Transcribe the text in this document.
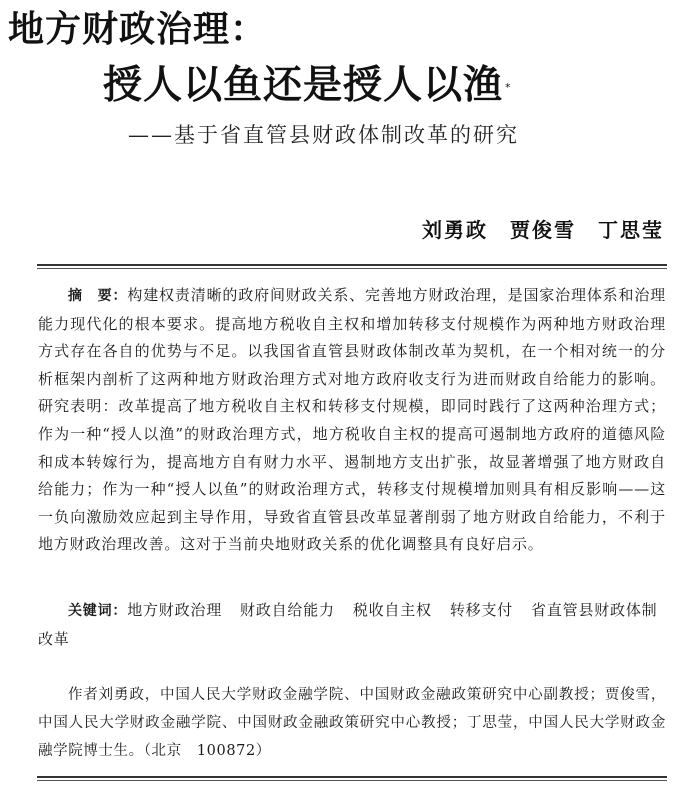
地方财政治理：
授人以鱼还是授人以渔 *
——基于省直管县财政体制改革的研究
刘勇政 贾俊雪 丁思莹
摘　要：构建权责清晰的政府间财政关系、完善地方财政治理，是国家治理体系和治理能力现代化的根本要求。提高地方税收自主权和增加转移支付规模作为两种地方财政治理方式存在各自的优势与不足。以我国省直管县财政体制改革为契机，在一个相对统一的分析框架内剖析了这两种地方财政治理方式对地方政府收支行为进而财政自给能力的影响。研究表明：改革提高了地方税收自主权和转移支付规模，即同时践行了这两种治理方式；作为一种“授人以渔”的财政治理方式，地方税收自主权的提高可遏制地方政府的道德风险和成本转嫁行为，提高地方自有财力水平、遏制地方支出扩张，故显著增强了地方财政自给能力；作为一种“授人以鱼”的财政治理方式，转移支付规模增加则具有相反影响——这一负向激励效应起到主导作用，导致省直管县改革显著削弱了地方财政自给能力，不利于地方财政治理改善。这对于当前央地财政关系的优化调整具有良好启示。
关键词：地方财政治理 财政自给能力 税收自主权 转移支付 省直管县财政体制改革
作者刘勇政，中国人民大学财政金融学院、中国财政金融政策研究中心副教授；贾俊雪，中国人民大学财政金融学院、中国财政金融政策研究中心教授；丁思莹，中国人民大学财政金融学院博士生。（北京　100872）
